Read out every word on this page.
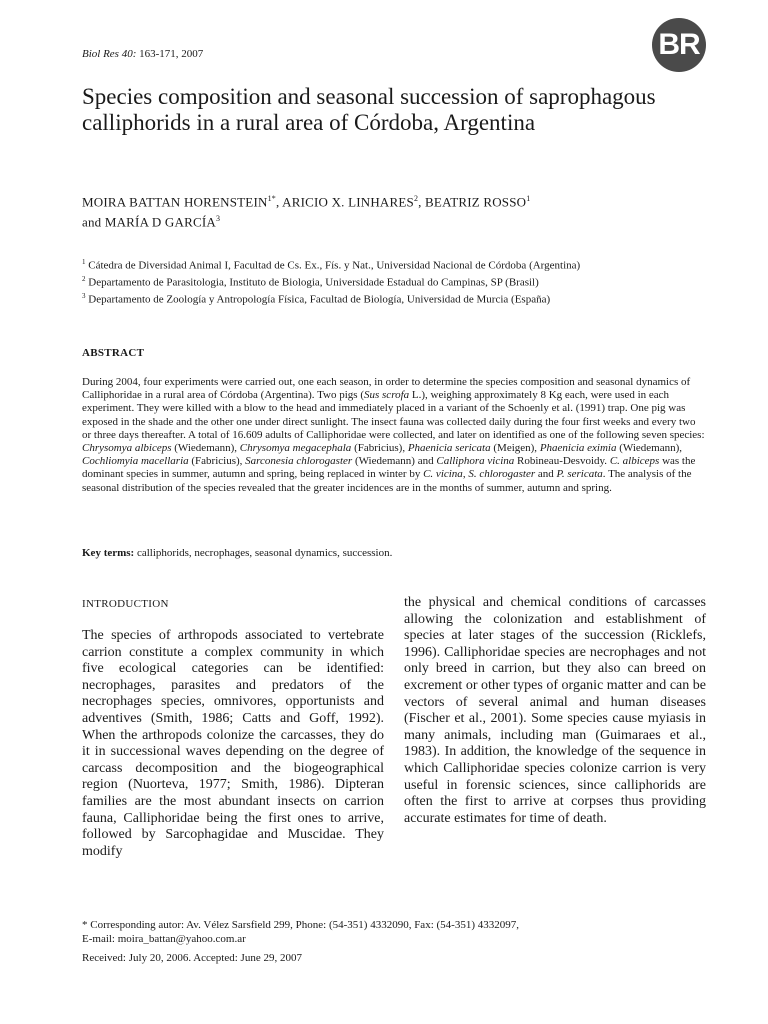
Biol Res 40: 163-171, 2007	BR
Species composition and seasonal succession of saprophagous calliphorids in a rural area of Córdoba, Argentina
MOIRA BATTAN $HORENSTEIN^{1*}$, ARICIO X. LINHARES$^2$, BEATRIZ ROSSO$^1$
and MARÍA D GARCÍA$^3$
$^1$ Cátedra de Diversidad Animal I, Facultad de Cs. Ex., Fís. y Nat., Universidad Nacional de Córdoba (Argentina)
$^2$ Departamento de Parasitologia, Instituto de Biologia, Universidade Estadual do Campinas, SP (Brasil)
$^3$ Departamento de Zoología y Antropología Física, Facultad de Biología, Universidad de Murcia (España)
ABSTRACT
During 2004, four experiments were carried out, one each season, in order to determine the species composition and seasonal dynamics of Calliphoridae in a rural area of Córdoba (Argentina). Two pigs (Sus scrofa L.), weighing approximately 8 Kg each, were used in each experiment. They were killed with a blow to the head and immediately placed in a variant of the Schoenly et al. (1991) trap. One pig was exposed in the shade and the other one under direct sunlight. The insect fauna was collected daily during the four first weeks and every two or three days thereafter. A total of 16.609 adults of Calliphoridae were collected, and later on identified as one of the following seven species: Chrysomya albiceps (Wiedemann), Chrysomya megacephala (Fabricius), Phaenicia sericata (Meigen), Phaenicia eximia (Wiedemann), Cochliomyia macellaria (Fabricius), Sarconesia chlorogaster (Wiedemann) and Calliphora vicina Robineau-Desvoidy. C. albiceps was the dominant species in summer, autumn and spring, being replaced in winter by C. vicina, S. chlorogaster and P. sericata. The analysis of the seasonal distribution of the species revealed that the greater incidences are in the months of summer, autumn and spring.
Key terms: calliphorids, necrophages, seasonal dynamics, succession.
INTRODUCTION
The species of arthropods associated to vertebrate carrion constitute a complex community in which five ecological categories can be identified: necrophages, parasites and predators of the necrophages species, omnivores, opportunists and adventives (Smith, 1986; Catts and Goff, 1992). When the arthropods colonize the carcasses, they do it in successional waves depending on the degree of carcass decomposition and the biogeographical region (Nuorteva, 1977; Smith, 1986). Dipteran families are the most abundant insects on carrion fauna, Calliphoridae being the first ones to arrive, followed by Sarcophagidae and Muscidae. They modify
the physical and chemical conditions of carcasses allowing the colonization and establishment of species at later stages of the succession (Ricklefs, 1996). Calliphoridae species are necrophages and not only breed in carrion, but they also can breed on excrement or other types of organic matter and can be vectors of several animal and human diseases (Fischer et al., 2001). Some species cause myiasis in many animals, including man (Guimaraes et al., 1983). In addition, the knowledge of the sequence in which Calliphoridae species colonize carrion is very useful in forensic sciences, since calliphorids are often the first to arrive at corpses thus providing accurate estimates for time of death.
* Corresponding autor: Av. Vélez Sarsfield 299, Phone: (54-351) 4332090, Fax: (54-351) 4332097,
E-mail: moira_battan@yahoo.com.ar
Received: July 20, 2006. Accepted: June 29, 2007
